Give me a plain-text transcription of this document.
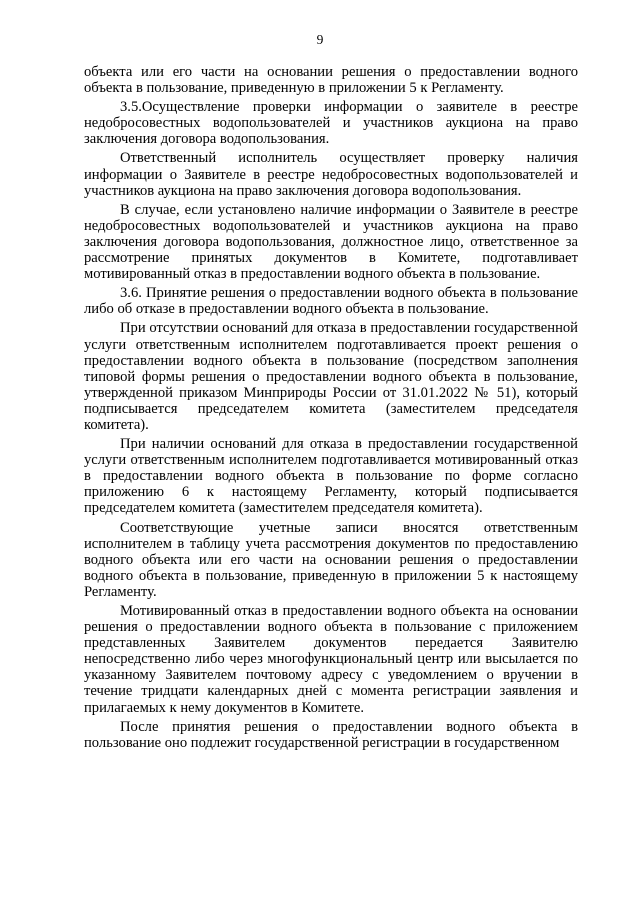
9

объекта или его части на основании решения о предоставлении водного объекта в пользование, приведенную в приложении 5 к Регламенту.

3.5.Осуществление проверки информации о заявителе в реестре недобросовестных водопользователей и участников аукциона на право заключения договора водопользования.

Ответственный исполнитель осуществляет проверку наличия информации о Заявителе в реестре недобросовестных водопользователей и участников аукциона на право заключения договора водопользования.

В случае, если установлено наличие информации о Заявителе в реестре недобросовестных водопользователей и участников аукциона на право заключения договора водопользования, должностное лицо, ответственное за рассмотрение принятых документов в Комитете, подготавливает мотивированный отказ в предоставлении водного объекта в пользование.

3.6. Принятие решения о предоставлении водного объекта в пользование либо об отказе в предоставлении водного объекта в пользование.

При отсутствии оснований для отказа в предоставлении государственной услуги ответственным исполнителем подготавливается проект решения о предоставлении водного объекта в пользование (посредством заполнения типовой формы решения о предоставлении водного объекта в пользование, утвержденной приказом Минприроды России от 31.01.2022 № 51), который подписывается председателем комитета (заместителем председателя комитета).

При наличии оснований для отказа в предоставлении государственной услуги ответственным исполнителем подготавливается мотивированный отказ в предоставлении водного объекта в пользование по форме согласно приложению 6 к настоящему Регламенту, который подписывается председателем комитета (заместителем председателя комитета).

Соответствующие учетные записи вносятся ответственным исполнителем в таблицу учета рассмотрения документов по предоставлению водного объекта или его части на основании решения о предоставлении водного объекта в пользование, приведенную в приложении 5 к настоящему Регламенту.

Мотивированный отказ в предоставлении водного объекта на основании решения о предоставлении водного объекта в пользование с приложением представленных Заявителем документов передается Заявителю непосредственно либо через многофункциональный центр или высылается по указанному Заявителем почтовому адресу с уведомлением о вручении в течение тридцати календарных дней с момента регистрации заявления и прилагаемых к нему документов в Комитете.

После принятия решения о предоставлении водного объекта в пользование оно подлежит государственной регистрации в государственном
